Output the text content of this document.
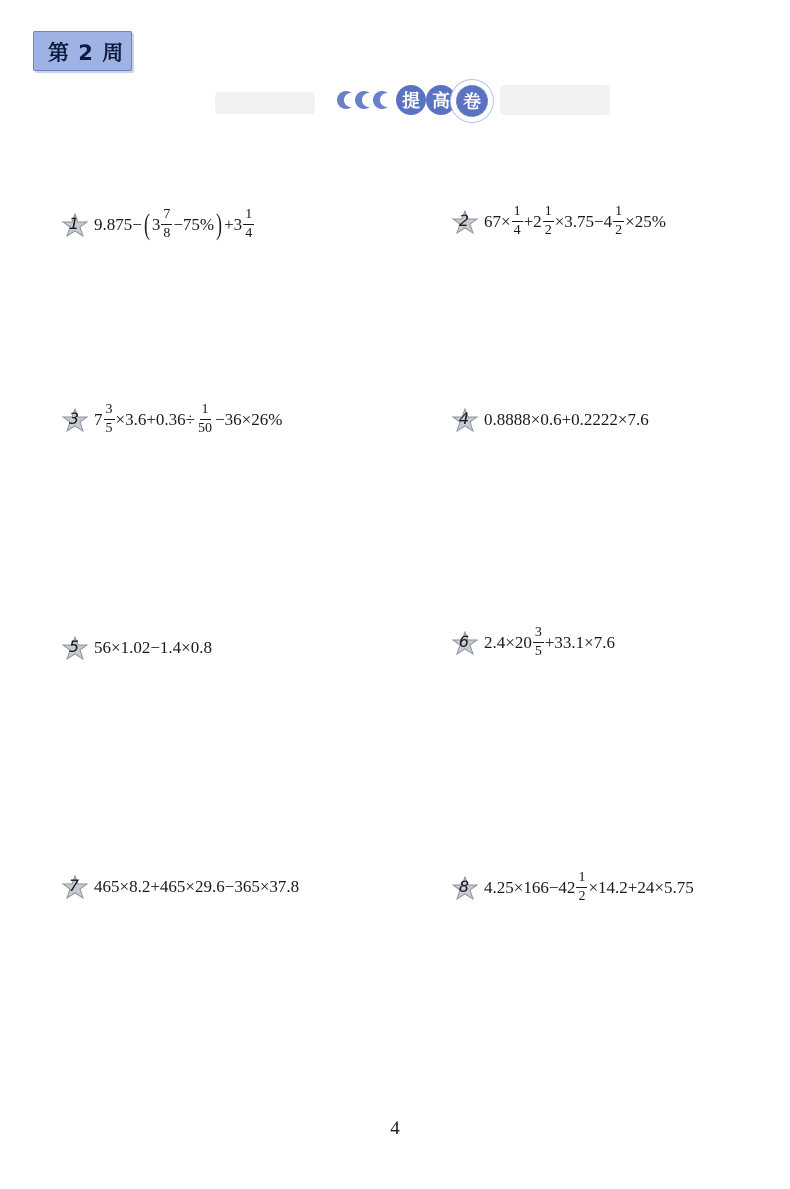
第 2 周
提 高 卷
1 9.875− ( $3 \frac{7}{8} -75\%$ ) $+3 \frac{1}{4}$	2 $67\times \frac{1}{4} +2 \frac{1}{2} \times 3.75-4 \frac{1}{2} \times 25\%$
3 $7 \frac{3}{5} \times 3.6+0.36\div \frac{1}{50} -36\times 26\%$	4 0.8888×0.6+0.2222×7.6
5 56×1.02−1.4×0.8	6 $2.4\times 20 \frac{3}{5} +33.1\times 7.6$
7 465×8.2+465×29.6−365×37.8	8 $4.25\times 166-42 \frac{1}{2} \times 14.2+24\times 5.75$
4
